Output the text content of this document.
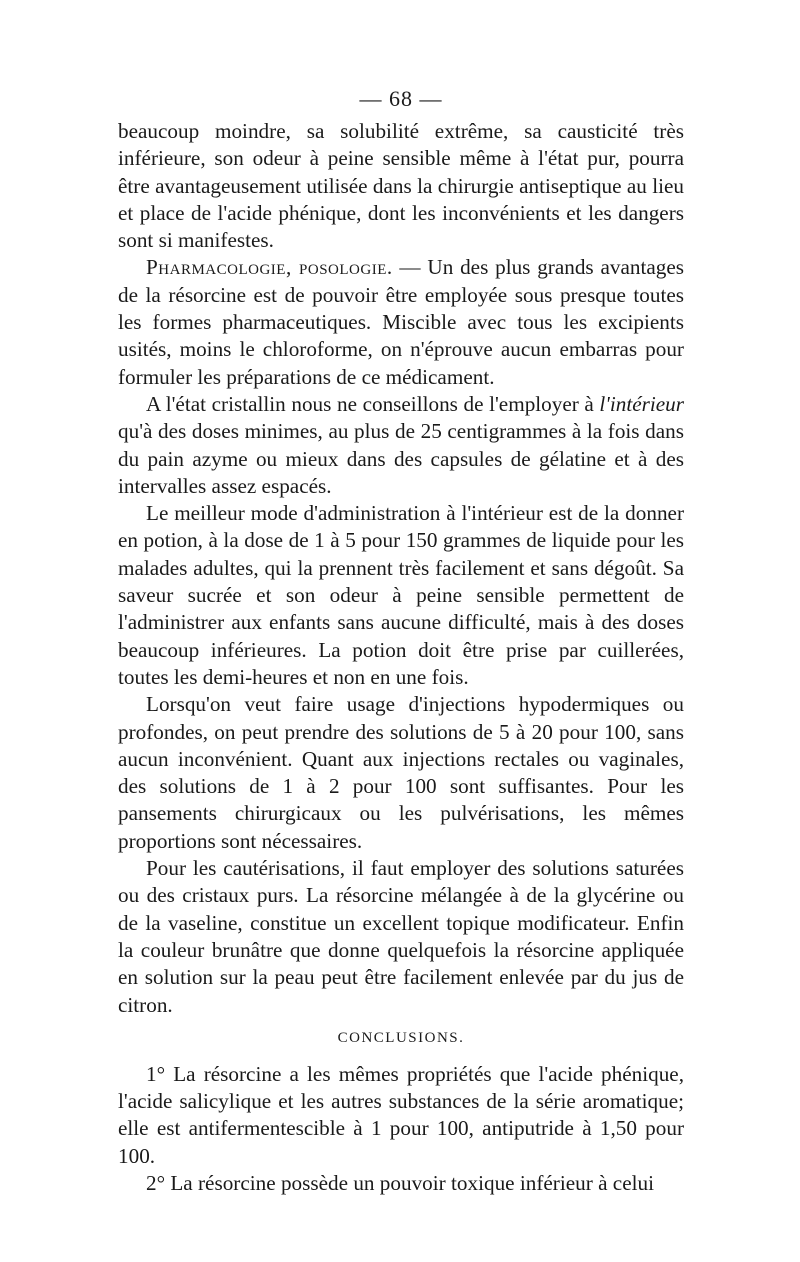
— 68 —

beaucoup moindre, sa solubilité extrême, sa causticité très inférieure, son odeur à peine sensible même à l'état pur, pourra être avantageusement utilisée dans la chirurgie antiseptique au lieu et place de l'acide phénique, dont les inconvénients et les dangers sont si manifestes.

Pharmacologie, posologie. — Un des plus grands avantages de la résorcine est de pouvoir être employée sous presque toutes les formes pharmaceutiques. Miscible avec tous les excipients usités, moins le chloroforme, on n'éprouve aucun embarras pour formuler les préparations de ce médicament.

A l'état cristallin nous ne conseillons de l'employer à l'intérieur qu'à des doses minimes, au plus de 25 centigrammes à la fois dans du pain azyme ou mieux dans des capsules de gélatine et à des intervalles assez espacés.

Le meilleur mode d'administration à l'intérieur est de la donner en potion, à la dose de 1 à 5 pour 150 grammes de liquide pour les malades adultes, qui la prennent très facilement et sans dégoût. Sa saveur sucrée et son odeur à peine sensible permettent de l'administrer aux enfants sans aucune difficulté, mais à des doses beaucoup inférieures. La potion doit être prise par cuillerées, toutes les demi-heures et non en une fois.

Lorsqu'on veut faire usage d'injections hypodermiques ou profondes, on peut prendre des solutions de 5 à 20 pour 100, sans aucun inconvénient. Quant aux injections rectales ou vaginales, des solutions de 1 à 2 pour 100 sont suffisantes. Pour les pansements chirurgicaux ou les pulvérisations, les mêmes proportions sont nécessaires.

Pour les cautérisations, il faut employer des solutions saturées ou des cristaux purs. La résorcine mélangée à de la glycérine ou de la vaseline, constitue un excellent topique modificateur. Enfin la couleur brunâtre que donne quelquefois la résorcine appliquée en solution sur la peau peut être facilement enlevée par du jus de citron.

CONCLUSIONS.

1° La résorcine a les mêmes propriétés que l'acide phénique, l'acide salicylique et les autres substances de la série aromatique; elle est antifermentescible à 1 pour 100, antiputride à 1,50 pour 100.

2° La résorcine possède un pouvoir toxique inférieur à celui
